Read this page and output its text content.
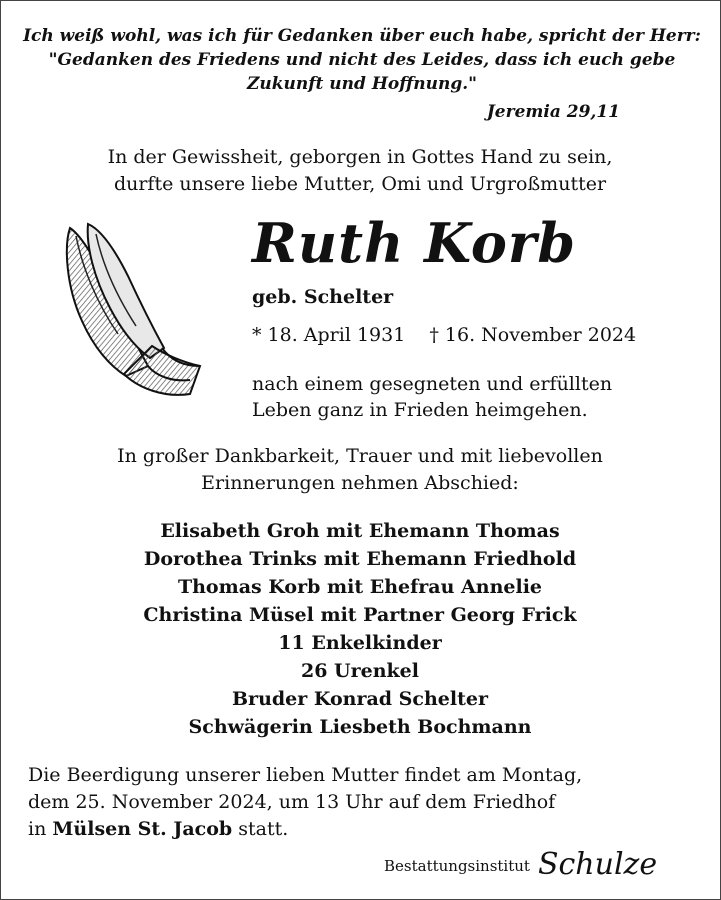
Ich weiß wohl, was ich für Gedanken über euch habe, spricht der Herr:
"Gedanken des Friedens und nicht des Leides, dass ich euch gebe
Zukunft und Hoffnung."
Jeremia 29,11
In der Gewissheit, geborgen in Gottes Hand zu sein,
durfte unsere liebe Mutter, Omi und Urgroßmutter
Ruth Korb
geb. Schelter
* 18. April 1931 † 16. November 2024
nach einem gesegneten und erfüllten
Leben ganz in Frieden heimgehen.
In großer Dankbarkeit, Trauer und mit liebevollen
Erinnerungen nehmen Abschied:
Elisabeth Groh mit Ehemann Thomas
Dorothea Trinks mit Ehemann Friedhold
Thomas Korb mit Ehefrau Annelie
Christina Müsel mit Partner Georg Frick
11 Enkelkinder
26 Urenkel
Bruder Konrad Schelter
Schwägerin Liesbeth Bochmann
Die Beerdigung unserer lieben Mutter findet am Montag,
dem 25. November 2024, um 13 Uhr auf dem Friedhof
in Mülsen St. Jacob statt.
Bestattungsinstitut Schulze
